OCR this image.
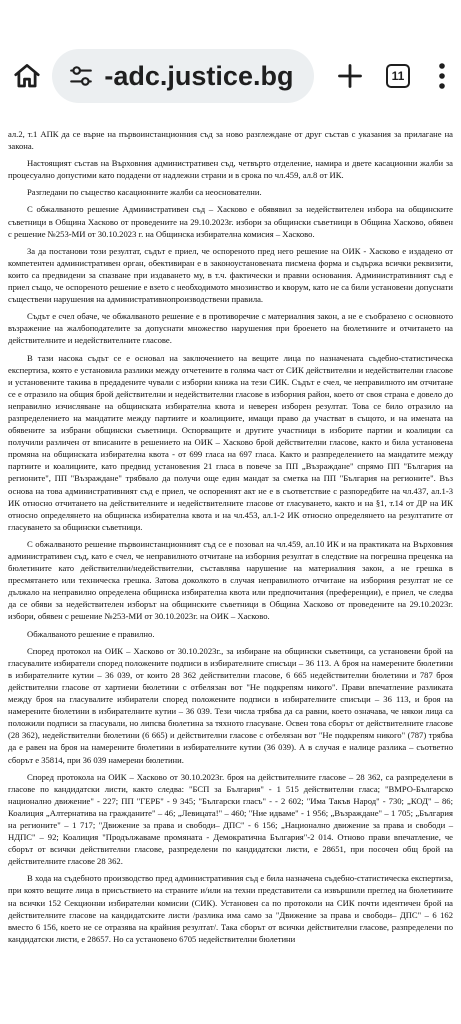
-adc.justice.bg	11

ал.2, т.1 АПК да се върне на първоинстанционния съд за ново разглеждане от друг състав с указания за прилагане на закона.

Настоящият състав на Върховния административен съд, четвърто отделение, намира и двете касационни жалби за процесуално допустими като подадени от надлежни страни и в срока по чл.459, ал.8 от ИК.

Разгледани по същество касационните жалби са неоснователни.

С обжалваното решение Административен съд – Хасково е обявявил за недействителен избора на общинските съветници в Община Хасково от проведените на 29.10.2023г. избори за общински съветници в Община Хасково, обявен с решение №253-МИ от 30.10.2023 г. на Общинска избирателна комисия – Хасково.

За да постанови този резултат, съдът е приел, че оспореното пред него решение на ОИК - Хасково е издадено от компетентен административен орган, обективиран е в законоустановената писмена форма и съдържа всички реквизити, които са предвидени за спазване при издаването му, в т.ч. фактически и правни основания. Административният съд е приел също, че оспореното решение е взето с необходимото мнозинство и кворум, като не са били установени допуснати съществени нарушения на административнопроизводствени правила.

Съдът е счел обаче, че обжалваното решение е в противоречие с материалния закон, а не е съобразено с основното възражение на жалбоподателите за допуснати множество нарушения при броенето на бюлетините и отчитането на действителните и недействителните гласове.

В тази насока съдът се е основал на заключението на вещите лица по назначената съдебно-статистическа експертиза, която е установила разлики между отчетените в голяма част от СИК действителни и недействителни гласове и установените такива в предадените чували с изборни книжа на тези СИК. Съдът е счел, че неправилното им отчитане се е отразило на общия брой действителни и недействителни гласове в изборния район, което от своя страна е довело до неправилно изчисляване на общинската избирателна квота и неверен изборен резултат. Това се било отразило на разпределението на мандатите между партиите и коалициите, имащи право да участват в същото, и на имената на обявените за избрани общински съветници. Оспорващите и другите участници в изборите партии и коалиции са получили различен от вписаните в решението на ОИК – Хасково брой действителни гласове, както и била установена промяна на общинската избирателна квота - от 699 гласа на 697 гласа. Както и разпределението на мандатите между партиите и коалициите, като предвид установения 21 гласа в повече за ПП „Възраждане" спрямо ПП "България на регионите", ПП "Възраждане" трябвало да получи още един мандат за сметка на ПП "България на регионите". Въз основа на това административният съд е приел, че оспореният акт не е в съответствие с разпоредбите на чл.437, ал.1-3 ИК относно отчитането на действителните и недействителните гласове от гласуването, както и на §1, т.14 от ДР на ИК относно определянето на общинска избирателна квота и на чл.453, ал.1-2 ИК относно определянето на резултатите от гласуването за общински съветници.

С обжалваното решение първоинстанционният съд се е позовал на чл.459, ал.10 ИК и на практиката на Върховния административен съд, като е счел, че неправилното отчитане на изборния резултат в следствие на погрешна преценка на бюлетините като действителни/недействителни, съставлява нарушение на материалния закон, а не грешка в пресмятането или техническа грешка. Затова доколкото в случая неправилното отчитане на изборния резултат не се дължало на неправилно определена общинска избирателна квота или предпочитания (преференции), е приел, че следва да се обяви за недействителен изборът на общинските съветници в Община Хасково от проведените на 29.10.2023г. избори, обявен с решение №253-МИ от 30.10.2023г. на ОИК – Хасково.

Обжалваното решение е правилно.

Според протокол на ОИК – Хасково от 30.10.2023г., за избиране на общински съветници, са установени брой на гласувалите избиратели според положените подписи в избирателните списъци – 36 113. А броя на намерените бюлетини в избирателните кутии – 36 039, от които 28 362 действителни гласове, 6 665 недействителни бюлетини и 787 броя действителни гласове от хартиени бюлетини с отбелязан вот "Не подкрепям никого". Прави впечатление разликата между броя на гласувалите избиратели според положените подписи в избирателните списъци – 36 113, и броя на намерените бюлетини в избирателните кутии – 36 039. Тези числа трябва да са равни, което означава, че някои лица са положили подписи за гласували, но липсва бюлетина за тяхното гласуване. Освен това сборът от действителните гласове (28 362), недействителни бюлетини (6 665) и действителни гласове с отбелязан вот "Не подкрепям никого" (787) трябва да е равен на броя на намерените бюлетини в избирателните кутии (36 039). А в случая е налице разлика – съответно сборът е 35814, при 36 039 намерени бюлетини.

Според протокола на ОИК – Хасково от 30.10.2023г. броя на действителните гласове – 28 362, са разпределени в гласове по кандидатски листи, както следва: "БСП за България" - 1 515 действителни гласа; "ВМРО-Българско национално движение" - 227; ПП "ГЕРБ" - 9 345; "Български гласъ" - - 2 602; "Има Такъв Народ" - 730; „КОД" – 86; Коалиция „Алтернатива на гражданите" – 46; „Левицата!" – 460; "Ние идваме" - 1 956; „Възраждане" – 1 705; „България на регионите" – 1 717; "Движение за права и свободи– ДПС" - 6 156; „Национално движение за права и свободи – НДПС" – 92; Коалиция "Продължаваме промяната - Демократична България"-2 014. Отново прави впечатление, че сборът от всички действителни гласове, разпределени по кандидатски листи, е 28651, при посочен общ брой на действителните гласове 28 362.

В хода на съдебното производство пред административния съд е била назначена съдебно-статистическа експертиза, при която вещите лица в присъствието на страните и/или на техни представители са извършили преглед на бюлетините на всички 152 Секционни избирателни комисии (СИК). Установен са по протоколи на СИК почти идентичен брой на действителните гласове на кандидатските листи /разлика има само за "Движение за права и свободи– ДПС" – 6 162 вместо 6 156, което не се отразява на крайния резултат/. Така сборът от всички действителни гласове, разпределени по кандидатски листи, е 28657. Но са установено 6705 недействителни бюлетини
